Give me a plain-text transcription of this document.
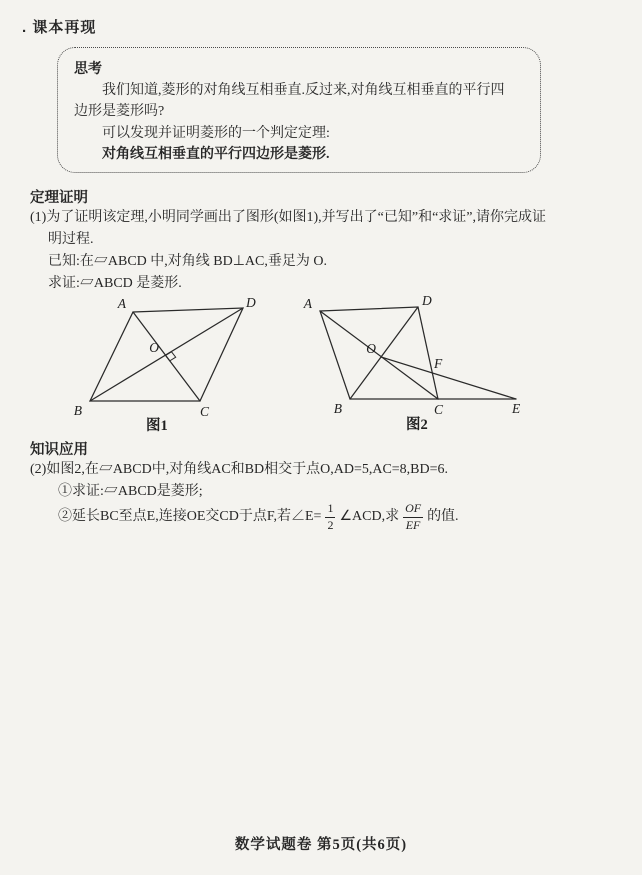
. 课本再现
思考
我们知道,菱形的对角线互相垂直.反过来,对角线互相垂直的平行四
边形是菱形吗?
可以发现并证明菱形的一个判定定理:
对角线互相垂直的平行四边形是菱形.
定理证明
(1)为了证明该定理,小明同学画出了图形(如图1),并写出了“已知”和“求证”,请你完成证
明过程.
已知:在▱ABCD 中,对角线 BD⊥AC,垂足为 O.
求证:▱ABCD 是菱形.
A	D
B	C
O
图1
A	D
B	C	E
O
F
图2
知识应用
(2)如图2,在▱ABCD中,对角线AC和BD相交于点O,AD=5,AC=8,BD=6.
①求证:▱ABCD是菱形;
②延长BC至点E,连接OE交CD于点F,若∠E= $\frac{1}{2}$ ∠ACD,求 $\frac{OF}{EF}$ 的值.
数学试题卷 第5页(共6页)
